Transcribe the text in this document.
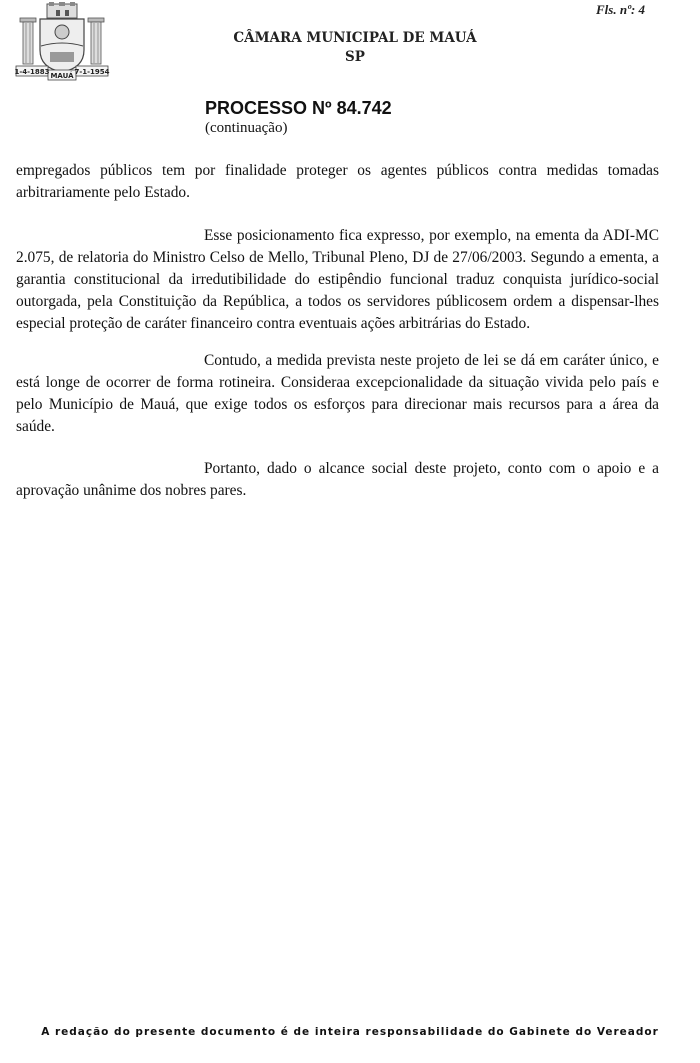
1-4-1883 MAUÁ 7-1-1954
Fls. nº: 4
CÂMARA MUNICIPAL DE MAUÁ
SP
PROCESSO Nº 84.742
(continuação)

empregados públicos tem por finalidade proteger os agentes públicos contra medidas tomadas arbitrariamente pelo Estado.

Esse posicionamento fica expresso, por exemplo, na ementa da ADI-MC 2.075, de relatoria do Ministro Celso de Mello, Tribunal Pleno, DJ de 27/06/2003. Segundo a ementa, a garantia constitucional da irredutibilidade do estipêndio funcional traduz conquista jurídico-social outorgada, pela Constituição da República, a todos os servidores públicosem ordem a dispensar-lhes especial proteção de caráter financeiro contra eventuais ações arbitrárias do Estado.

Contudo, a medida prevista neste projeto de lei se dá em caráter único, e está longe de ocorrer de forma rotineira. Consideraa excepcionalidade da situação vivida pelo país e pelo Município de Mauá, que exige todos os esforços para direcionar mais recursos para a área da saúde.

Portanto, dado o alcance social deste projeto, conto com o apoio e a aprovação unânime dos nobres pares.

A redação do presente documento é de inteira responsabilidade do Gabinete do Vereador
